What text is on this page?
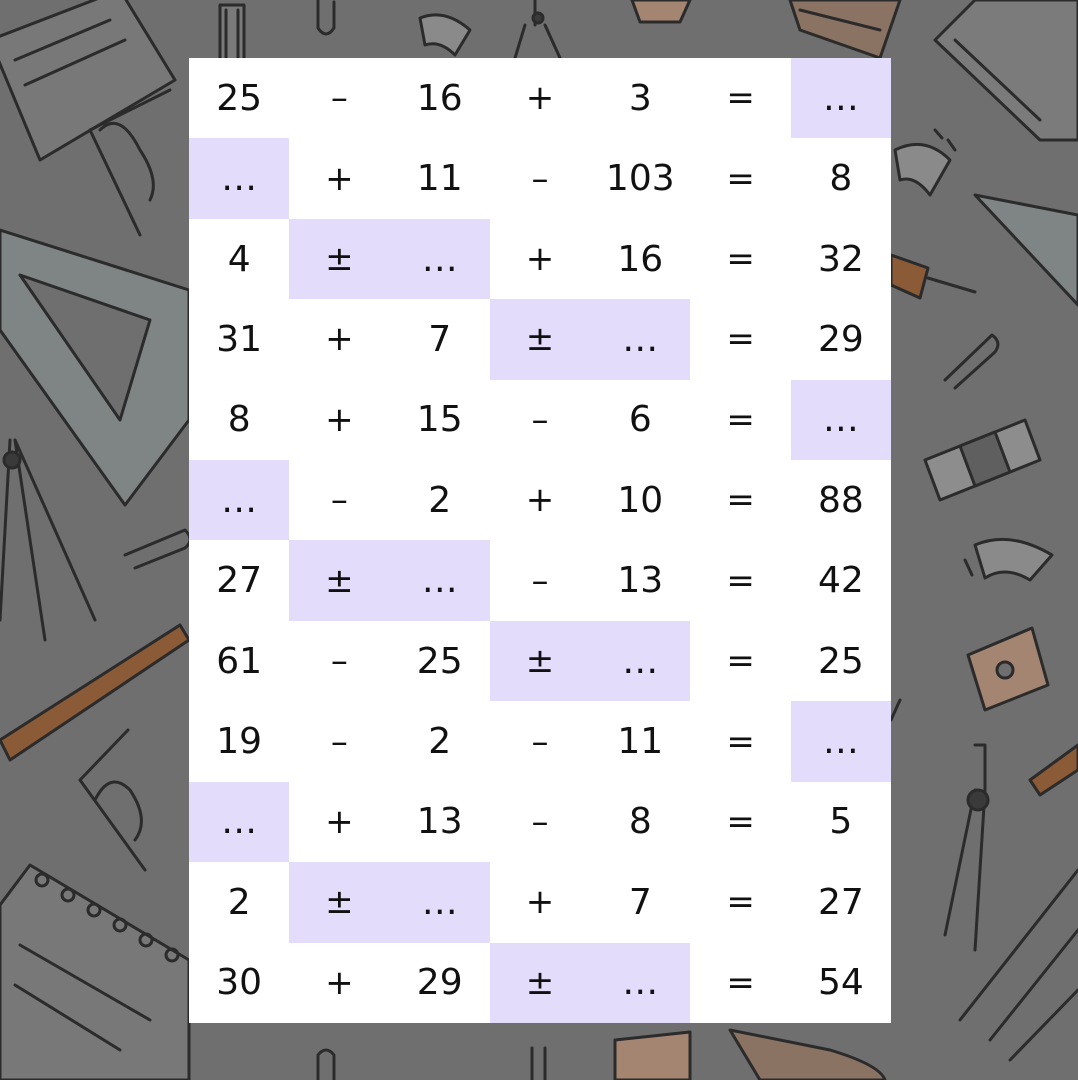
25	–	16	+	3	=	…
…	+	11	–	103	=	8
4	±	…	+	16	=	32
31	+	7	±	…	=	29
8	+	15	–	6	=	…
…	–	2	+	10	=	88
27	±	…	–	13	=	42
61	–	25	±	…	=	25
19	–	2	–	11	=	…
…	+	13	–	8	=	5
2	±	…	+	7	=	27
30	+	29	±	…	=	54
